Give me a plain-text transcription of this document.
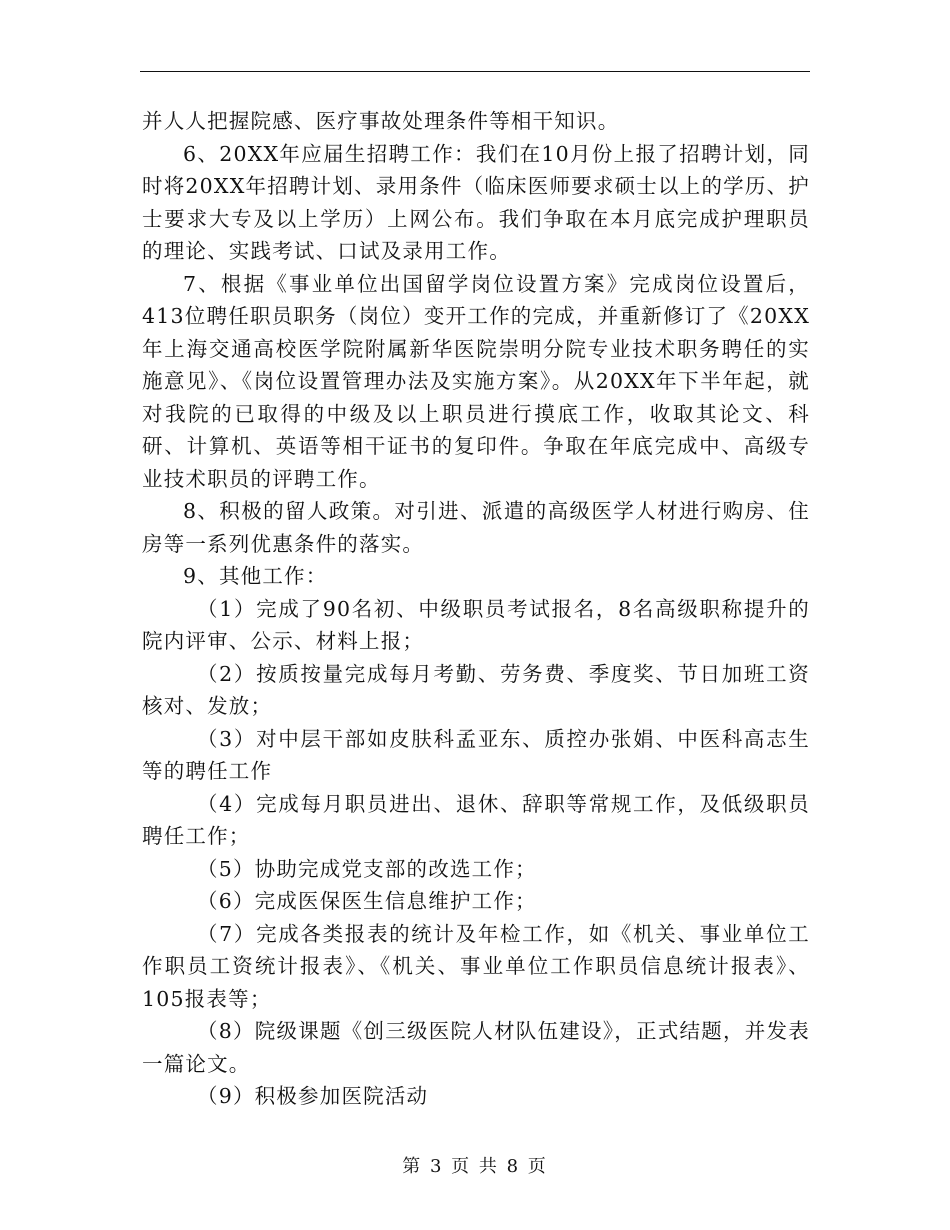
并人人把握院感、医疗事故处理条件等相干知识。

6、20XX年应届生招聘工作：我们在10月份上报了招聘计划，同时将20XX年招聘计划、录用条件（临床医师要求硕士以上的学历、护士要求大专及以上学历）上网公布。我们争取在本月底完成护理职员的理论、实践考试、口试及录用工作。

7、根据《事业单位出国留学岗位设置方案》完成岗位设置后，413位聘任职员职务（岗位）变开工作的完成，并重新修订了《20XX年上海交通高校医学院附属新华医院崇明分院专业技术职务聘任的实施意见》、《岗位设置管理办法及实施方案》。从20XX年下半年起，就对我院的已取得的中级及以上职员进行摸底工作，收取其论文、科研、计算机、英语等相干证书的复印件。争取在年底完成中、高级专业技术职员的评聘工作。

8、积极的留人政策。对引进、派遣的高级医学人材进行购房、住房等一系列优惠条件的落实。

9、其他工作：

（1）完成了90名初、中级职员考试报名，8名高级职称提升的院内评审、公示、材料上报；

（2）按质按量完成每月考勤、劳务费、季度奖、节日加班工资核对、发放；

（3）对中层干部如皮肤科孟亚东、质控办张娟、中医科高志生等的聘任工作

（4）完成每月职员进出、退休、辞职等常规工作，及低级职员聘任工作；

（5）协助完成党支部的改选工作；

（6）完成医保医生信息维护工作；

（7）完成各类报表的统计及年检工作，如《机关、事业单位工作职员工资统计报表》、《机关、事业单位工作职员信息统计报表》、105报表等；

（8）院级课题《创三级医院人材队伍建设》，正式结题，并发表一篇论文。

（9）积极参加医院活动

第 3 页 共 8 页
